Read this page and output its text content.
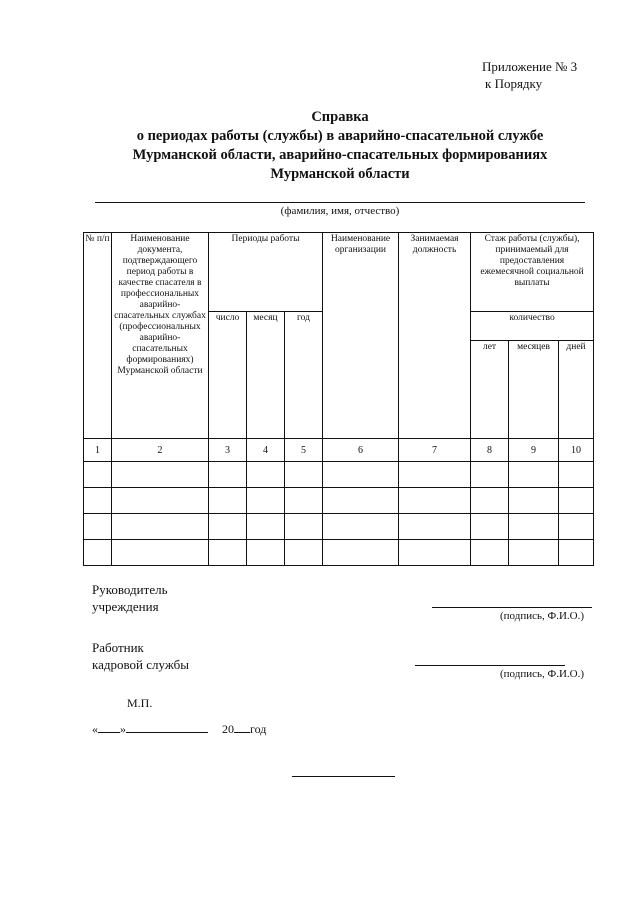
Приложение № 3
к Порядку
Справка
о периодах работы (службы) в аварийно-спасательной службе
Мурманской области, аварийно-спасательных формированиях
Мурманской области
(фамилия, имя, отчество)
№ п/п	Наименование документа, подтверждающего период работы в качестве спасателя в профессиональных аварийно-спасательных службах (профессиональных аварийно-спасательных формированиях) Мурманской области	Периоды работы			Наименование организации	Занимаемая должность	Стаж работы (службы), принимаемый для предоставления ежемесячной социальной выплаты		
		число	месяц	год			количество		
							лет	месяцев	дней
1	2	3	4	5	6	7	8	9	10

Руководитель
учреждения
(подпись, Ф.И.О.)
Работник
кадровой службы
(подпись, Ф.И.О.)
М.П.
« »	20 год
